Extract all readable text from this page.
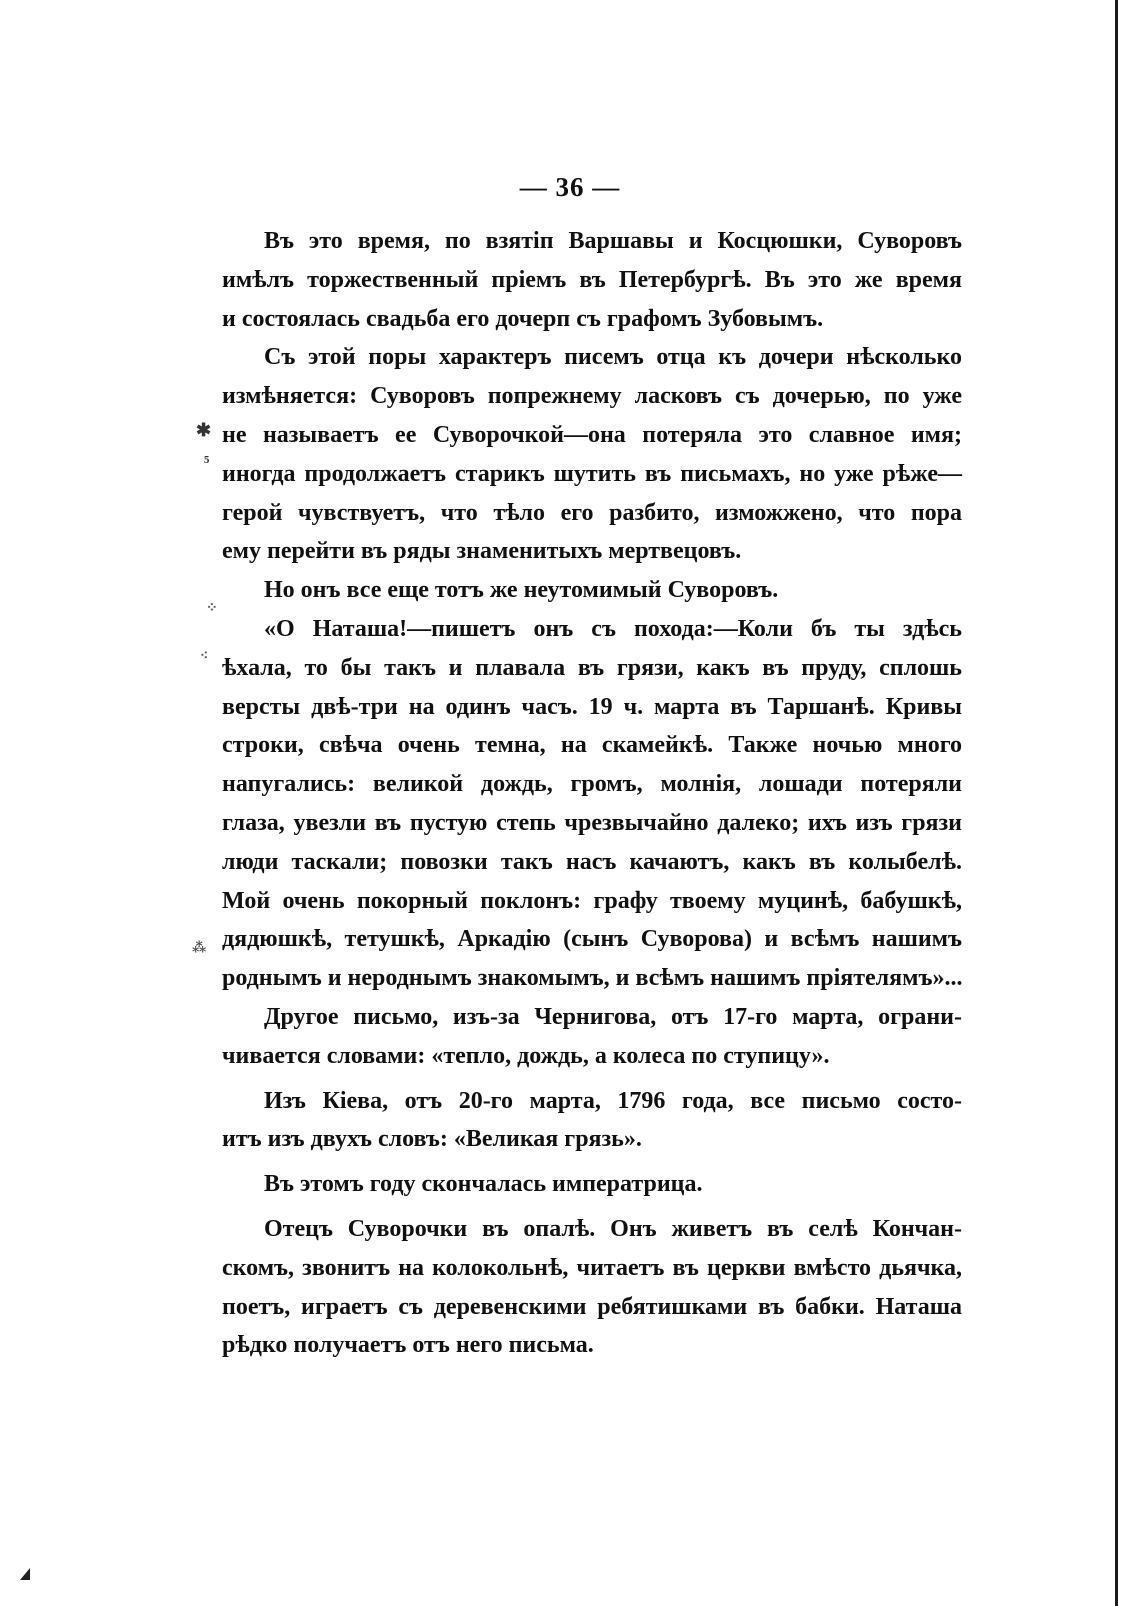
— 36 —
✱
⁵
⁘
⁖
⁂
Въ это время, по взятіп Варшавы и Косцюшки, Суворовъ
имѣлъ торжественный пріемъ въ Петербургѣ. Въ это же время
и состоялась свадьба его дочерп съ графомъ Зубовымъ.
Съ этой поры характеръ писемъ отца къ дочери нѣсколько
измѣняется: Суворовъ попрежнему ласковъ съ дочерью, по уже
не называетъ ее Суворочкой—она потеряла это славное имя;
иногда продолжаетъ старикъ шутить въ письмахъ, но уже рѣже—
герой чувствуетъ, что тѣло его разбито, изможжено, что пора
ему перейти въ ряды знаменитыхъ мертвецовъ.
Но онъ все еще тотъ же неутомимый Суворовъ.
«О Наташа!—пишетъ онъ съ похода:—Коли бъ ты здѣсь
ѣхала, то бы такъ и плавала въ грязи, какъ въ пруду, сплошь
версты двѣ-три на одинъ часъ. 19 ч. марта въ Таршанѣ. Кривы
строки, свѣча очень темна, на скамейкѣ. Также ночью много
напугались: великой дождь, громъ, молнія, лошади потеряли
глаза, увезли въ пустую степь чрезвычайно далеко; ихъ изъ грязи
люди таскали; повозки такъ насъ качаютъ, какъ въ колыбелѣ.
Мой очень покорный поклонъ: графу твоему муцинѣ, бабушкѣ,
дядюшкѣ, тетушкѣ, Аркадію (сынъ Суворова) и всѣмъ нашимъ
роднымъ и нероднымъ знакомымъ, и всѣмъ нашимъ пріятелямъ»...
Другое письмо, изъ-за Чернигова, отъ 17-го марта, ограни-
чивается словами: «тепло, дождь, а колеса по ступицу».
Изъ Кіева, отъ 20-го марта, 1796 года, все письмо состо-
итъ изъ двухъ словъ: «Великая грязь».
Въ этомъ году скончалась императрица.
Отецъ Суворочки въ опалѣ. Онъ живетъ въ селѣ Кончан-
скомъ, звонитъ на колокольнѣ, читаетъ въ церкви вмѣсто дьячка,
поетъ, играетъ съ деревенскими ребятишками въ бабки. Наташа
рѣдко получаетъ отъ него письма.
